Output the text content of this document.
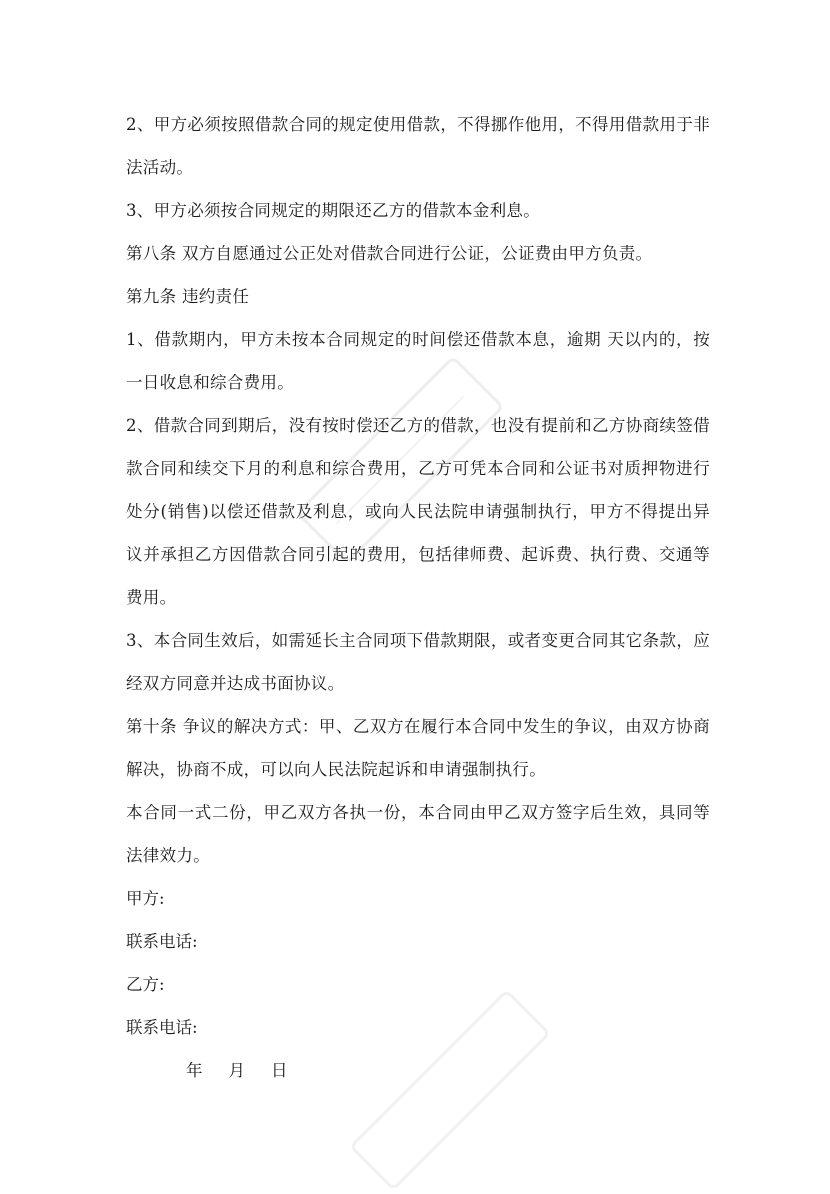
2、甲方必须按照借款合同的规定使用借款，不得挪作他用，不得用借款用于非法活动。

3、甲方必须按合同规定的期限还乙方的借款本金利息。

第八条 双方自愿通过公正处对借款合同进行公证，公证费由甲方负责。

第九条 违约责任

1、借款期内，甲方未按本合同规定的时间偿还借款本息，逾期 天以内的，按 一日收息和综合费用。

2、借款合同到期后，没有按时偿还乙方的借款，也没有提前和乙方协商续签借款合同和续交下月的利息和综合费用，乙方可凭本合同和公证书对质押物进行处分(销售)以偿还借款及利息，或向人民法院申请强制执行，甲方不得提出异议并承担乙方因借款合同引起的费用，包括律师费、起诉费、执行费、交通等费用。

3、本合同生效后，如需延长主合同项下借款期限，或者变更合同其它条款，应经双方同意并达成书面协议。

第十条 争议的解决方式：甲、乙双方在履行本合同中发生的争议，由双方协商解决，协商不成，可以向人民法院起诉和申请强制执行。

本合同一式二份，甲乙双方各执一份，本合同由甲乙双方签字后生效，具同等法律效力。

甲方:

联系电话:

乙方:

联系电话:

年 月 日
